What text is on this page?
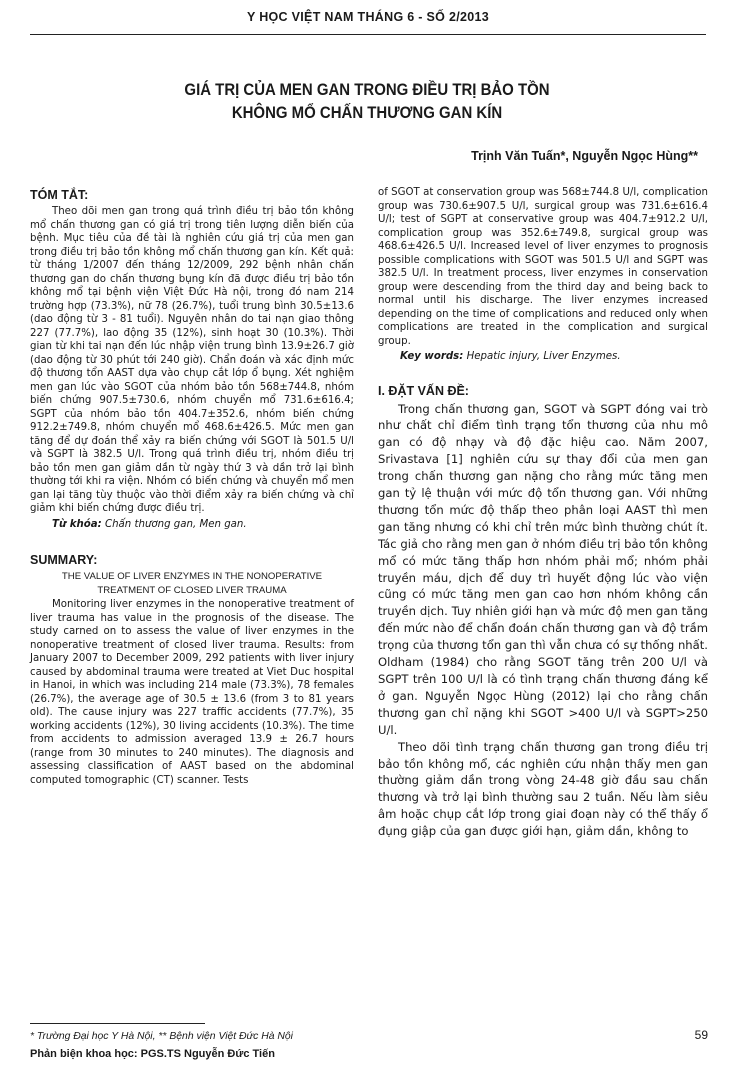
Y HỌC VIỆT NAM THÁNG 6 - SỐ 2/2013
GIÁ TRỊ CỦA MEN GAN TRONG ĐIỀU TRỊ BẢO TỒN
KHÔNG MỔ CHẤN THƯƠNG GAN KÍN
Trịnh Văn Tuấn*, Nguyễn Ngọc Hùng**
TÓM TẮT:

Theo dõi men gan trong quá trình điều trị bảo tồn không mổ chấn thương gan có giá trị trong tiên lượng diễn biến của bệnh. Mục tiêu của đề tài là nghiên cứu giá trị của men gan trong điều trị bảo tồn không mổ chấn thương gan kín. Kết quả: từ tháng 1/2007 đến tháng 12/2009, 292 bệnh nhân chấn thương gan do chấn thương bụng kín đã được điều trị bảo tồn không mổ tại bệnh viện Việt Đức Hà nội, trong đó nam 214 trường hợp (73.3%), nữ 78 (26.7%), tuổi trung bình 30.5±13.6 (dao động từ 3 - 81 tuổi). Nguyên nhân do tai nạn giao thông 227 (77.7%), lao động 35 (12%), sinh hoạt 30 (10.3%). Thời gian từ khi tai nạn đến lúc nhập viện trung bình 13.9±26.7 giờ (dao động từ 30 phút tới 240 giờ). Chẩn đoán và xác định mức độ thương tổn AAST dựa vào chụp cắt lớp ổ bụng. Xét nghiệm men gan lúc vào SGOT của nhóm bảo tồn 568±744.8, nhóm biến chứng 907.5±730.6, nhóm chuyển mổ 731.6±616.4; SGPT của nhóm bảo tồn 404.7±352.6, nhóm biến chứng 912.2±749.8, nhóm chuyển mổ 468.6±426.5. Mức men gan tăng để dự đoán thể xảy ra biến chứng với SGOT là 501.5 U/l và SGPT là 382.5 U/l. Trong quá trình điều trị, nhóm điều trị bảo tồn men gan giảm dần từ ngày thứ 3 và dần trở lại bình thường tới khi ra viện. Nhóm có biến chứng và chuyển mổ men gan lại tăng tùy thuộc vào thời điểm xảy ra biến chứng và chỉ giảm khi biến chứng được điều trị.

Từ khóa: Chấn thương gan, Men gan.

SUMMARY:
THE VALUE OF LIVER ENZYMES IN THE NONOPERATIVE
TREATMENT OF CLOSED LIVER TRAUMA

Monitoring liver enzymes in the nonoperative treatment of liver trauma has value in the prognosis of the disease. The study carned on to assess the value of liver enzymes in the nonoperative treatment of closed liver trauma. Results: from January 2007 to December 2009, 292 patients with liver injury caused by abdominal trauma were treated at Viet Duc hospital in Hanoi, in which was including 214 male (73.3%), 78 females (26.7%), the average age of 30.5 ± 13.6 (from 3 to 81 years old). The cause injury was 227 traffic accidents (77.7%), 35 working accidents (12%), 30 living accidents (10.3%). The time from accidents to admission averaged 13.9 ± 26.7 hours (range from 30 minutes to 240 minutes). The diagnosis and assessing classification of AAST based on the abdominal computed tomographic (CT) scanner. Tests

of SGOT at conservation group was 568±744.8 U/l, complication group was 730.6±907.5 U/l, surgical group was 731.6±616.4 U/l; test of SGPT at conservative group was 404.7±912.2 U/l, complication group was 352.6±749.8, surgical group was 468.6±426.5 U/l. Increased level of liver enzymes to prognosis possible complications with SGOT was 501.5 U/l and SGPT was 382.5 U/l. In treatment process, liver enzymes in conservation group were descending from the third day and being back to normal until his discharge. The liver enzymes increased depending on the time of complications and reduced only when complications are treated in the complication and surgical group.

Key words: Hepatic injury, Liver Enzymes.

I. ĐẶT VẤN ĐỀ:

Trong chấn thương gan, SGOT và SGPT đóng vai trò như chất chỉ điểm tình trạng tổn thương của nhu mô gan có độ nhạy và độ đặc hiệu cao. Năm 2007, Srivastava [1] nghiên cứu sự thay đổi của men gan trong chấn thương gan nặng cho rằng mức tăng men gan tỷ lệ thuận với mức độ tổn thương gan. Với những thương tổn mức độ thấp theo phân loại AAST thì men gan tăng nhưng có khi chỉ trên mức bình thường chút ít. Tác giả cho rằng men gan ở nhóm điều trị bảo tồn không mổ có mức tăng thấp hơn nhóm phải mổ; nhóm phải truyền máu, dịch để duy trì huyết động lúc vào viện cũng có mức tăng men gan cao hơn nhóm không cần truyền dịch. Tuy nhiên giới hạn và mức độ men gan tăng đến mức nào để chẩn đoán chấn thương gan và độ trầm trọng của thương tổn gan thì vẫn chưa có sự thống nhất. Oldham (1984) cho rằng SGOT tăng trên 200 U/l và SGPT trên 100 U/l là có tình trạng chấn thương đáng kể ở gan. Nguyễn Ngọc Hùng (2012) lại cho rằng chấn thương gan chỉ nặng khi SGOT >400 U/l và SGPT>250 U/l.

Theo dõi tình trạng chấn thương gan trong điều trị bảo tồn không mổ, các nghiên cứu nhận thấy men gan thường giảm dần trong vòng 24-48 giờ đầu sau chấn thương và trở lại bình thường sau 2 tuần. Nếu làm siêu âm hoặc chụp cắt lớp trong giai đoạn này có thể thấy ổ đụng giập của gan được giới hạn, giảm dần, không to

* Trường Đại học Y Hà Nội, ** Bệnh viện Việt Đức Hà Nội
Phản biện khoa học: PGS.TS Nguyễn Đức Tiến
59
